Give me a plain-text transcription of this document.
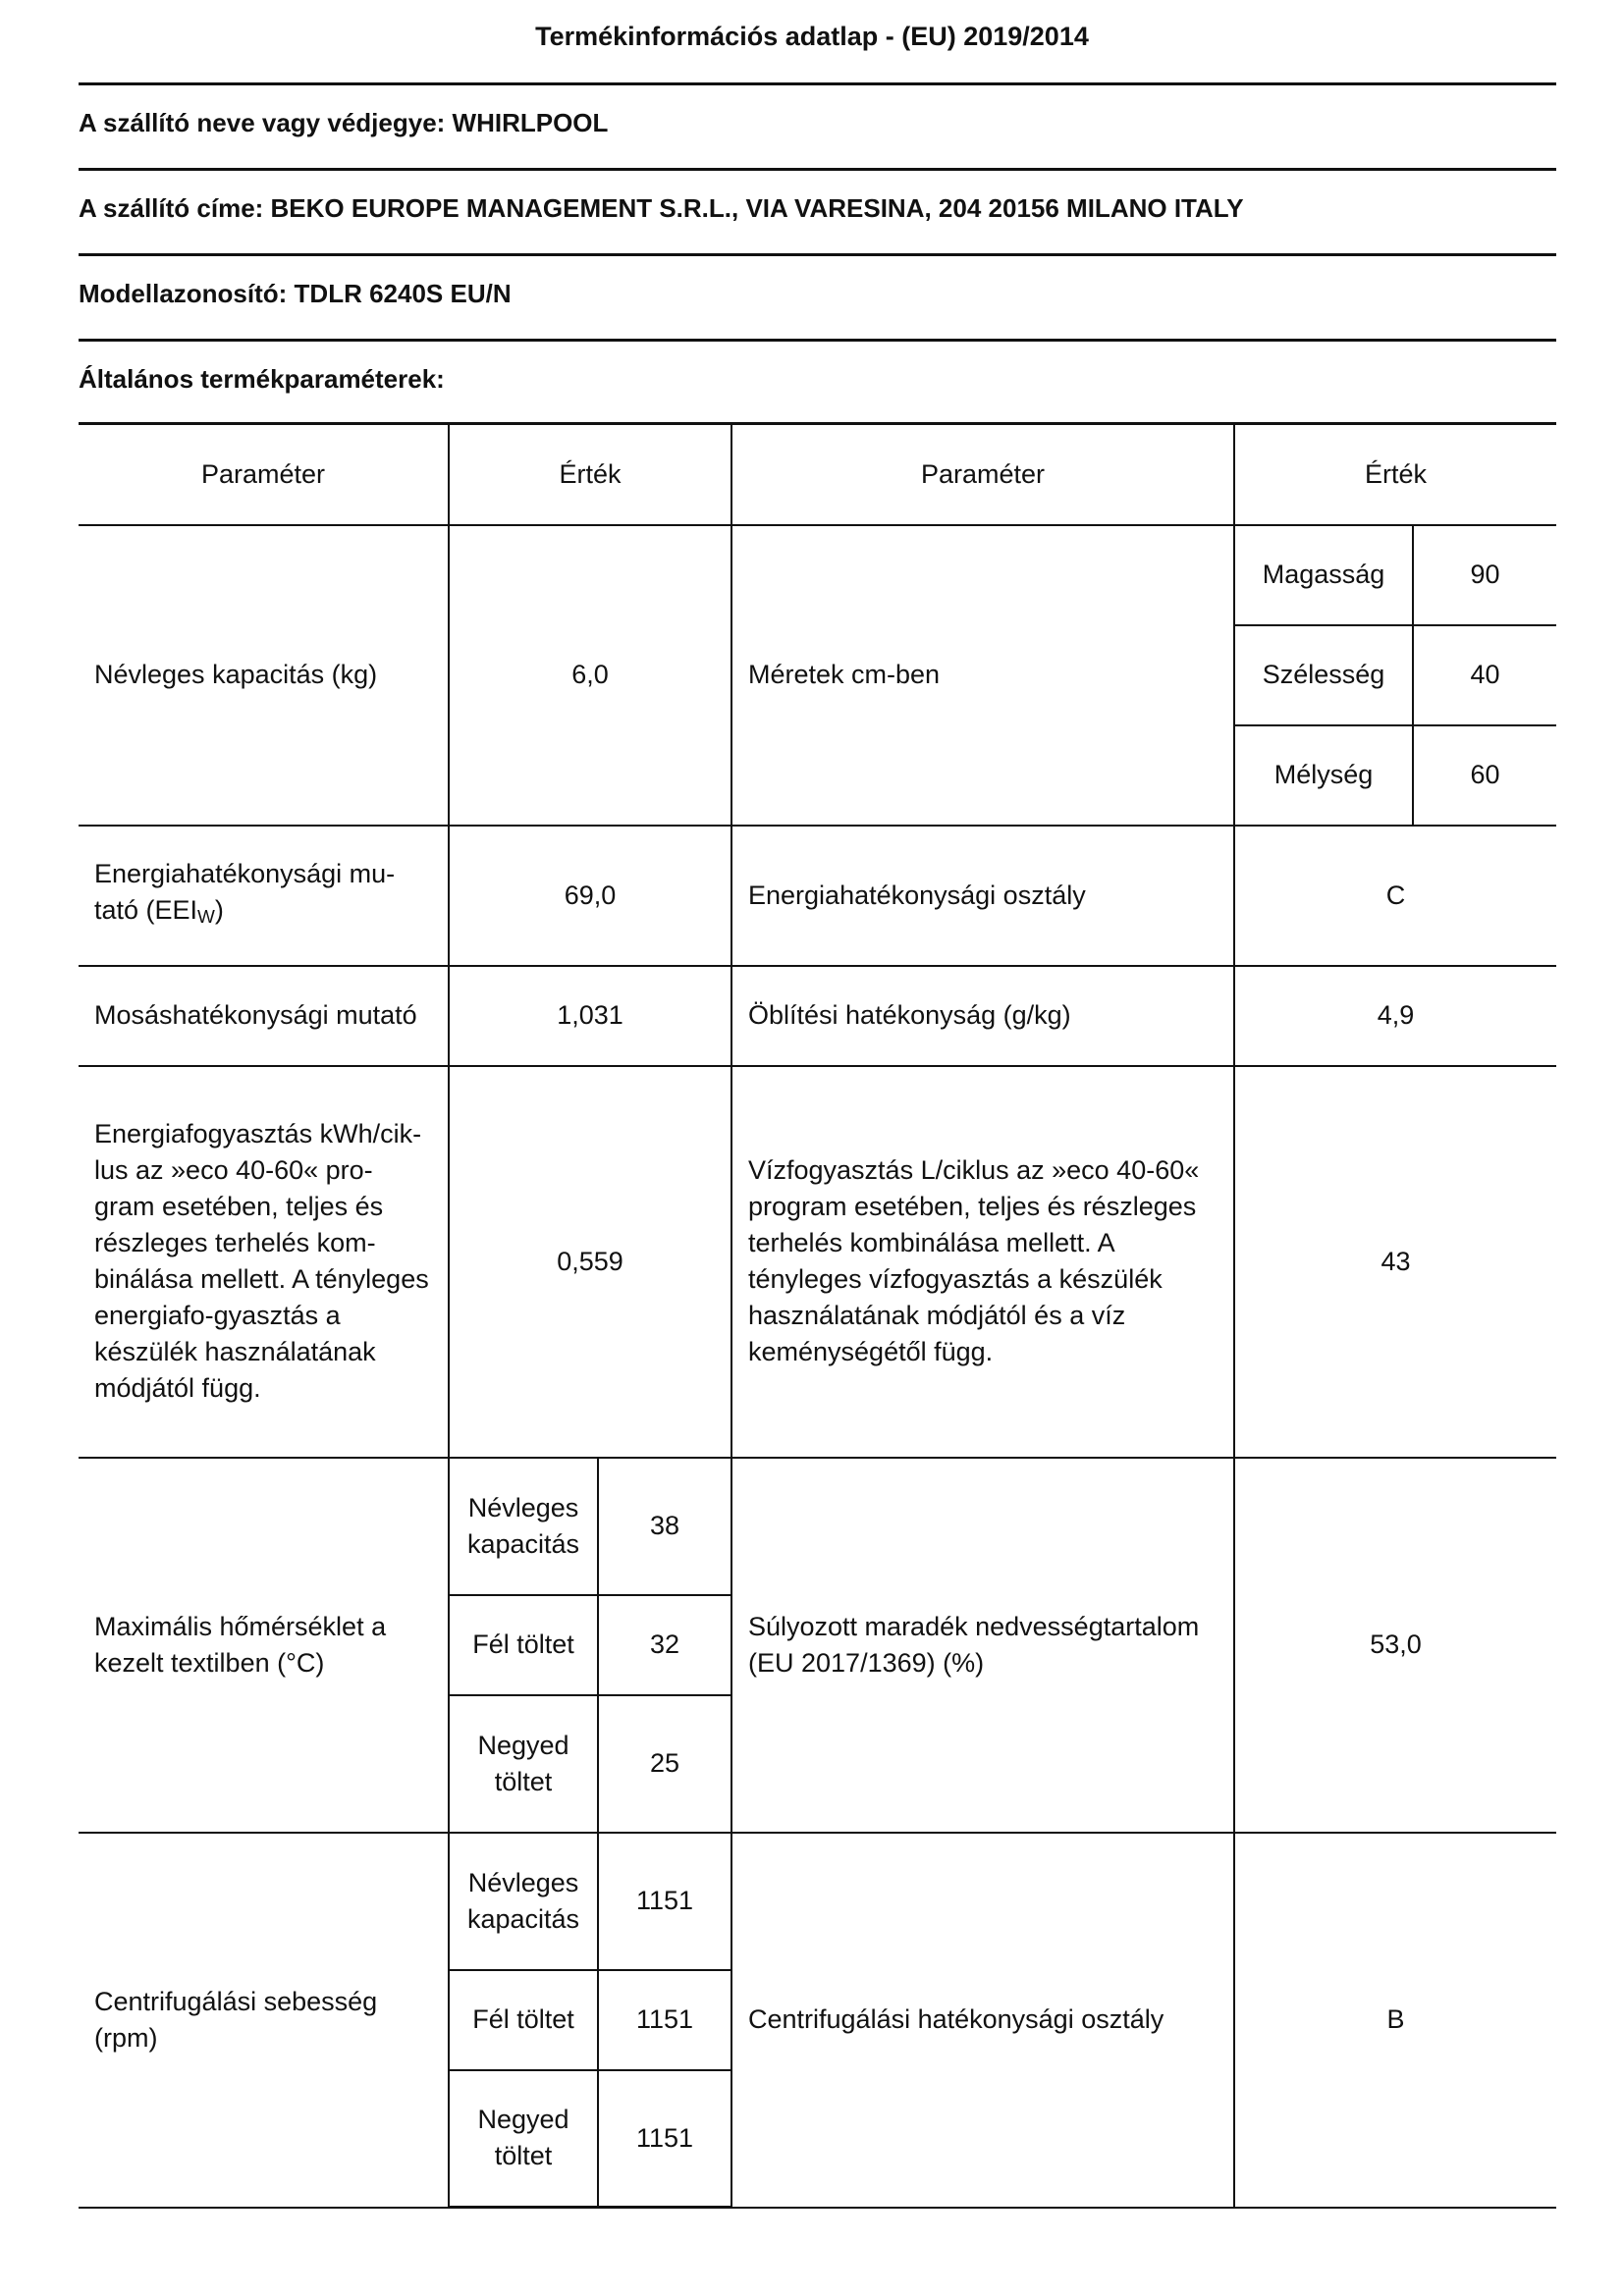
Termékinformációs adatlap - (EU) 2019/2014
A szállító neve vagy védjegye: WHIRLPOOL
A szállító címe: BEKO EUROPE MANAGEMENT S.R.L., VIA VARESINA, 204 20156 MILANO ITALY
Modellazonosító: TDLR 6240S EU/N
Általános termékparaméterek:
Paraméter	Érték		Paraméter	Érték	
Névleges kapacitás (kg)	6,0		Méretek cm-ben	Magasság	90
				Szélesség	40
				Mélység	60
Energiahatékonysági mu-tató $(EEI_W)$	69,0		Energiahatékonysági osztály	C	
Mosáshatékonysági mutató	1,031		Öblítési hatékonyság (g/kg)	4,9	
Energiafogyasztás kWh/cik-lus az »eco 40-60« pro-gram esetében, teljes és részleges terhelés kom-binálása mellett. A tényleges energiafo-gyasztás a készülék használatának módjától függ.	0,559		Vízfogyasztás L/ciklus az »eco 40-60« program esetében, teljes és részleges terhelés kombinálása mellett. A tényleges vízfogyasztás a készülék használatának módjától és a víz keménységétől függ.	43	
Maximális hőmérséklet a kezelt textilben (°C)	Névleges kapacitás	38	Súlyozott maradék nedvességtartalom (EU 2017/1369) (%)	53,0	
	Fél töltet	32			
	Negyed töltet	25			
Centrifugálási sebesség (rpm)	Névleges kapacitás	1151	Centrifugálási hatékonysági osztály	B	
	Fél töltet	1151			
	Negyed töltet	1151			
